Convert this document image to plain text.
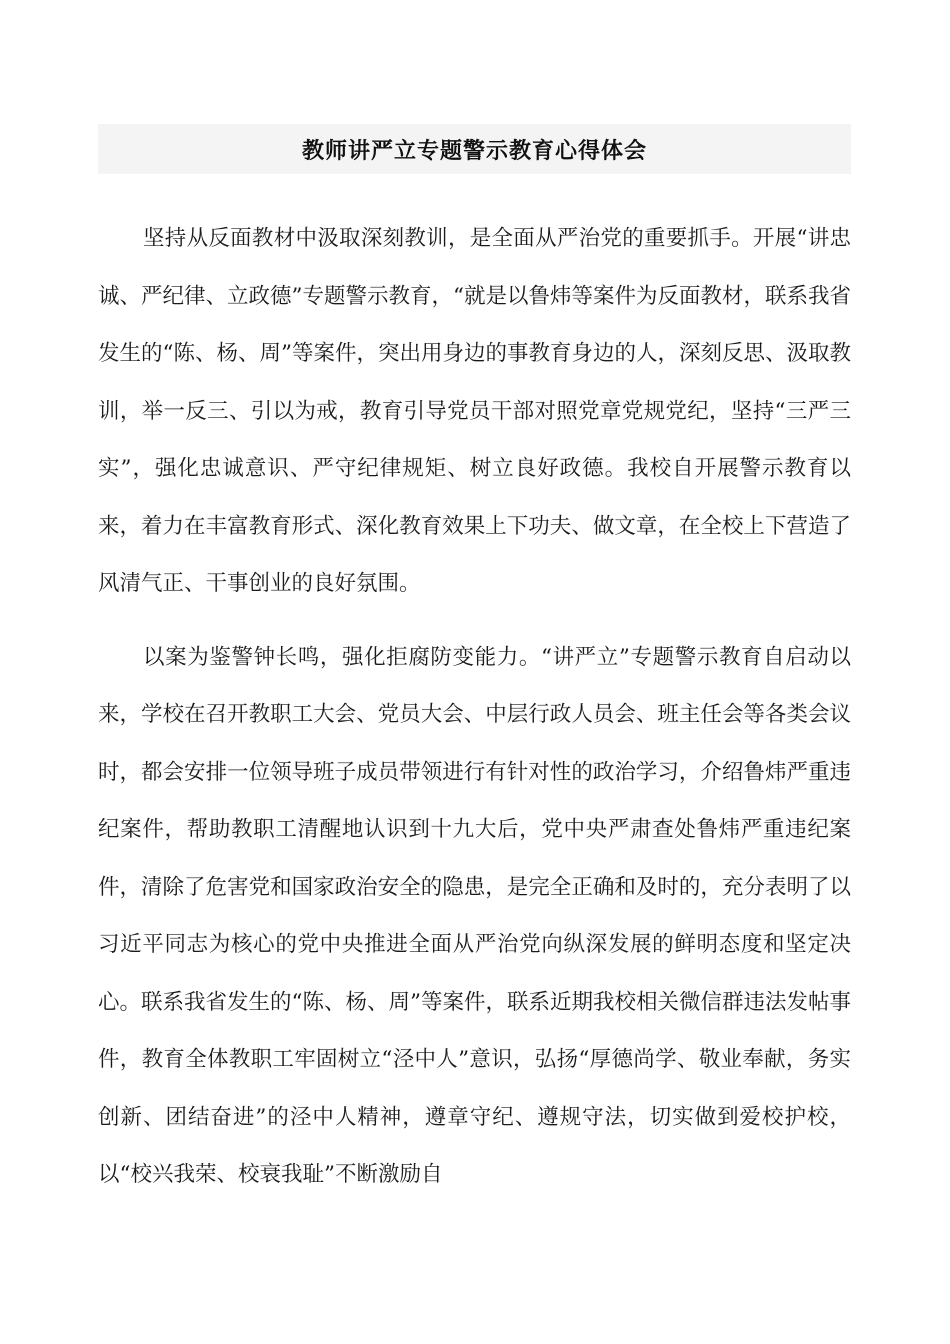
教师讲严立专题警示教育心得体会

坚持从反面教材中汲取深刻教训，是全面从严治党的重要抓手。开展“讲忠诚、严纪律、立政德”专题警示教育，“就是以鲁炜等案件为反面教材，联系我省发生的“陈、杨、周”等案件，突出用身边的事教育身边的人，深刻反思、汲取教训，举一反三、引以为戒，教育引导党员干部对照党章党规党纪，坚持“三严三实”，强化忠诚意识、严守纪律规矩、树立良好政德。我校自开展警示教育以来，着力在丰富教育形式、深化教育效果上下功夫、做文章，在全校上下营造了风清气正、干事创业的良好氛围。

以案为鉴警钟长鸣，强化拒腐防变能力。“讲严立”专题警示教育自启动以来，学校在召开教职工大会、党员大会、中层行政人员会、班主任会等各类会议时，都会安排一位领导班子成员带领进行有针对性的政治学习，介绍鲁炜严重违纪案件，帮助教职工清醒地认识到十九大后，党中央严肃查处鲁炜严重违纪案件，清除了危害党和国家政治安全的隐患，是完全正确和及时的，充分表明了以习近平同志为核心的党中央推进全面从严治党向纵深发展的鲜明态度和坚定决心。联系我省发生的“陈、杨、周”等案件，联系近期我校相关微信群违法发帖事件，教育全体教职工牢固树立“泾中人”意识，弘扬“厚德尚学、敬业奉献，务实创新、团结奋进”的泾中人精神，遵章守纪、遵规守法，切实做到爱校护校，以“校兴我荣、校衰我耻”不断激励自
